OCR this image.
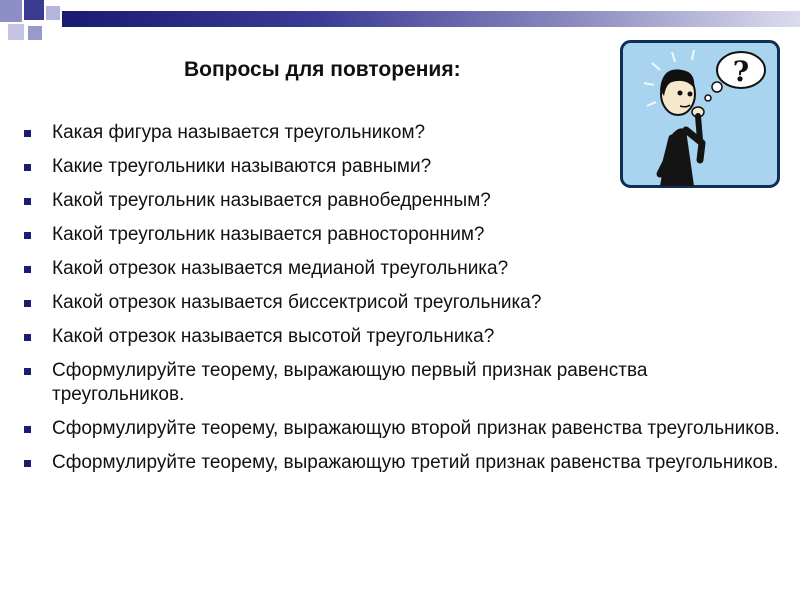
Вопросы для повторения:	?
Какая фигура называется треугольником?
Какие треугольники называются равными?
Какой треугольник называется равнобедренным?
Какой треугольник называется равносторонним?
Какой отрезок называется медианой треугольника?
Какой отрезок называется биссектрисой треугольника?
Какой отрезок называется высотой треугольника?
Сформулируйте теорему, выражающую первый признак равенства треугольников.
Сформулируйте теорему, выражающую второй признак равенства треугольников.
Сформулируйте теорему, выражающую третий признак равенства треугольников.
